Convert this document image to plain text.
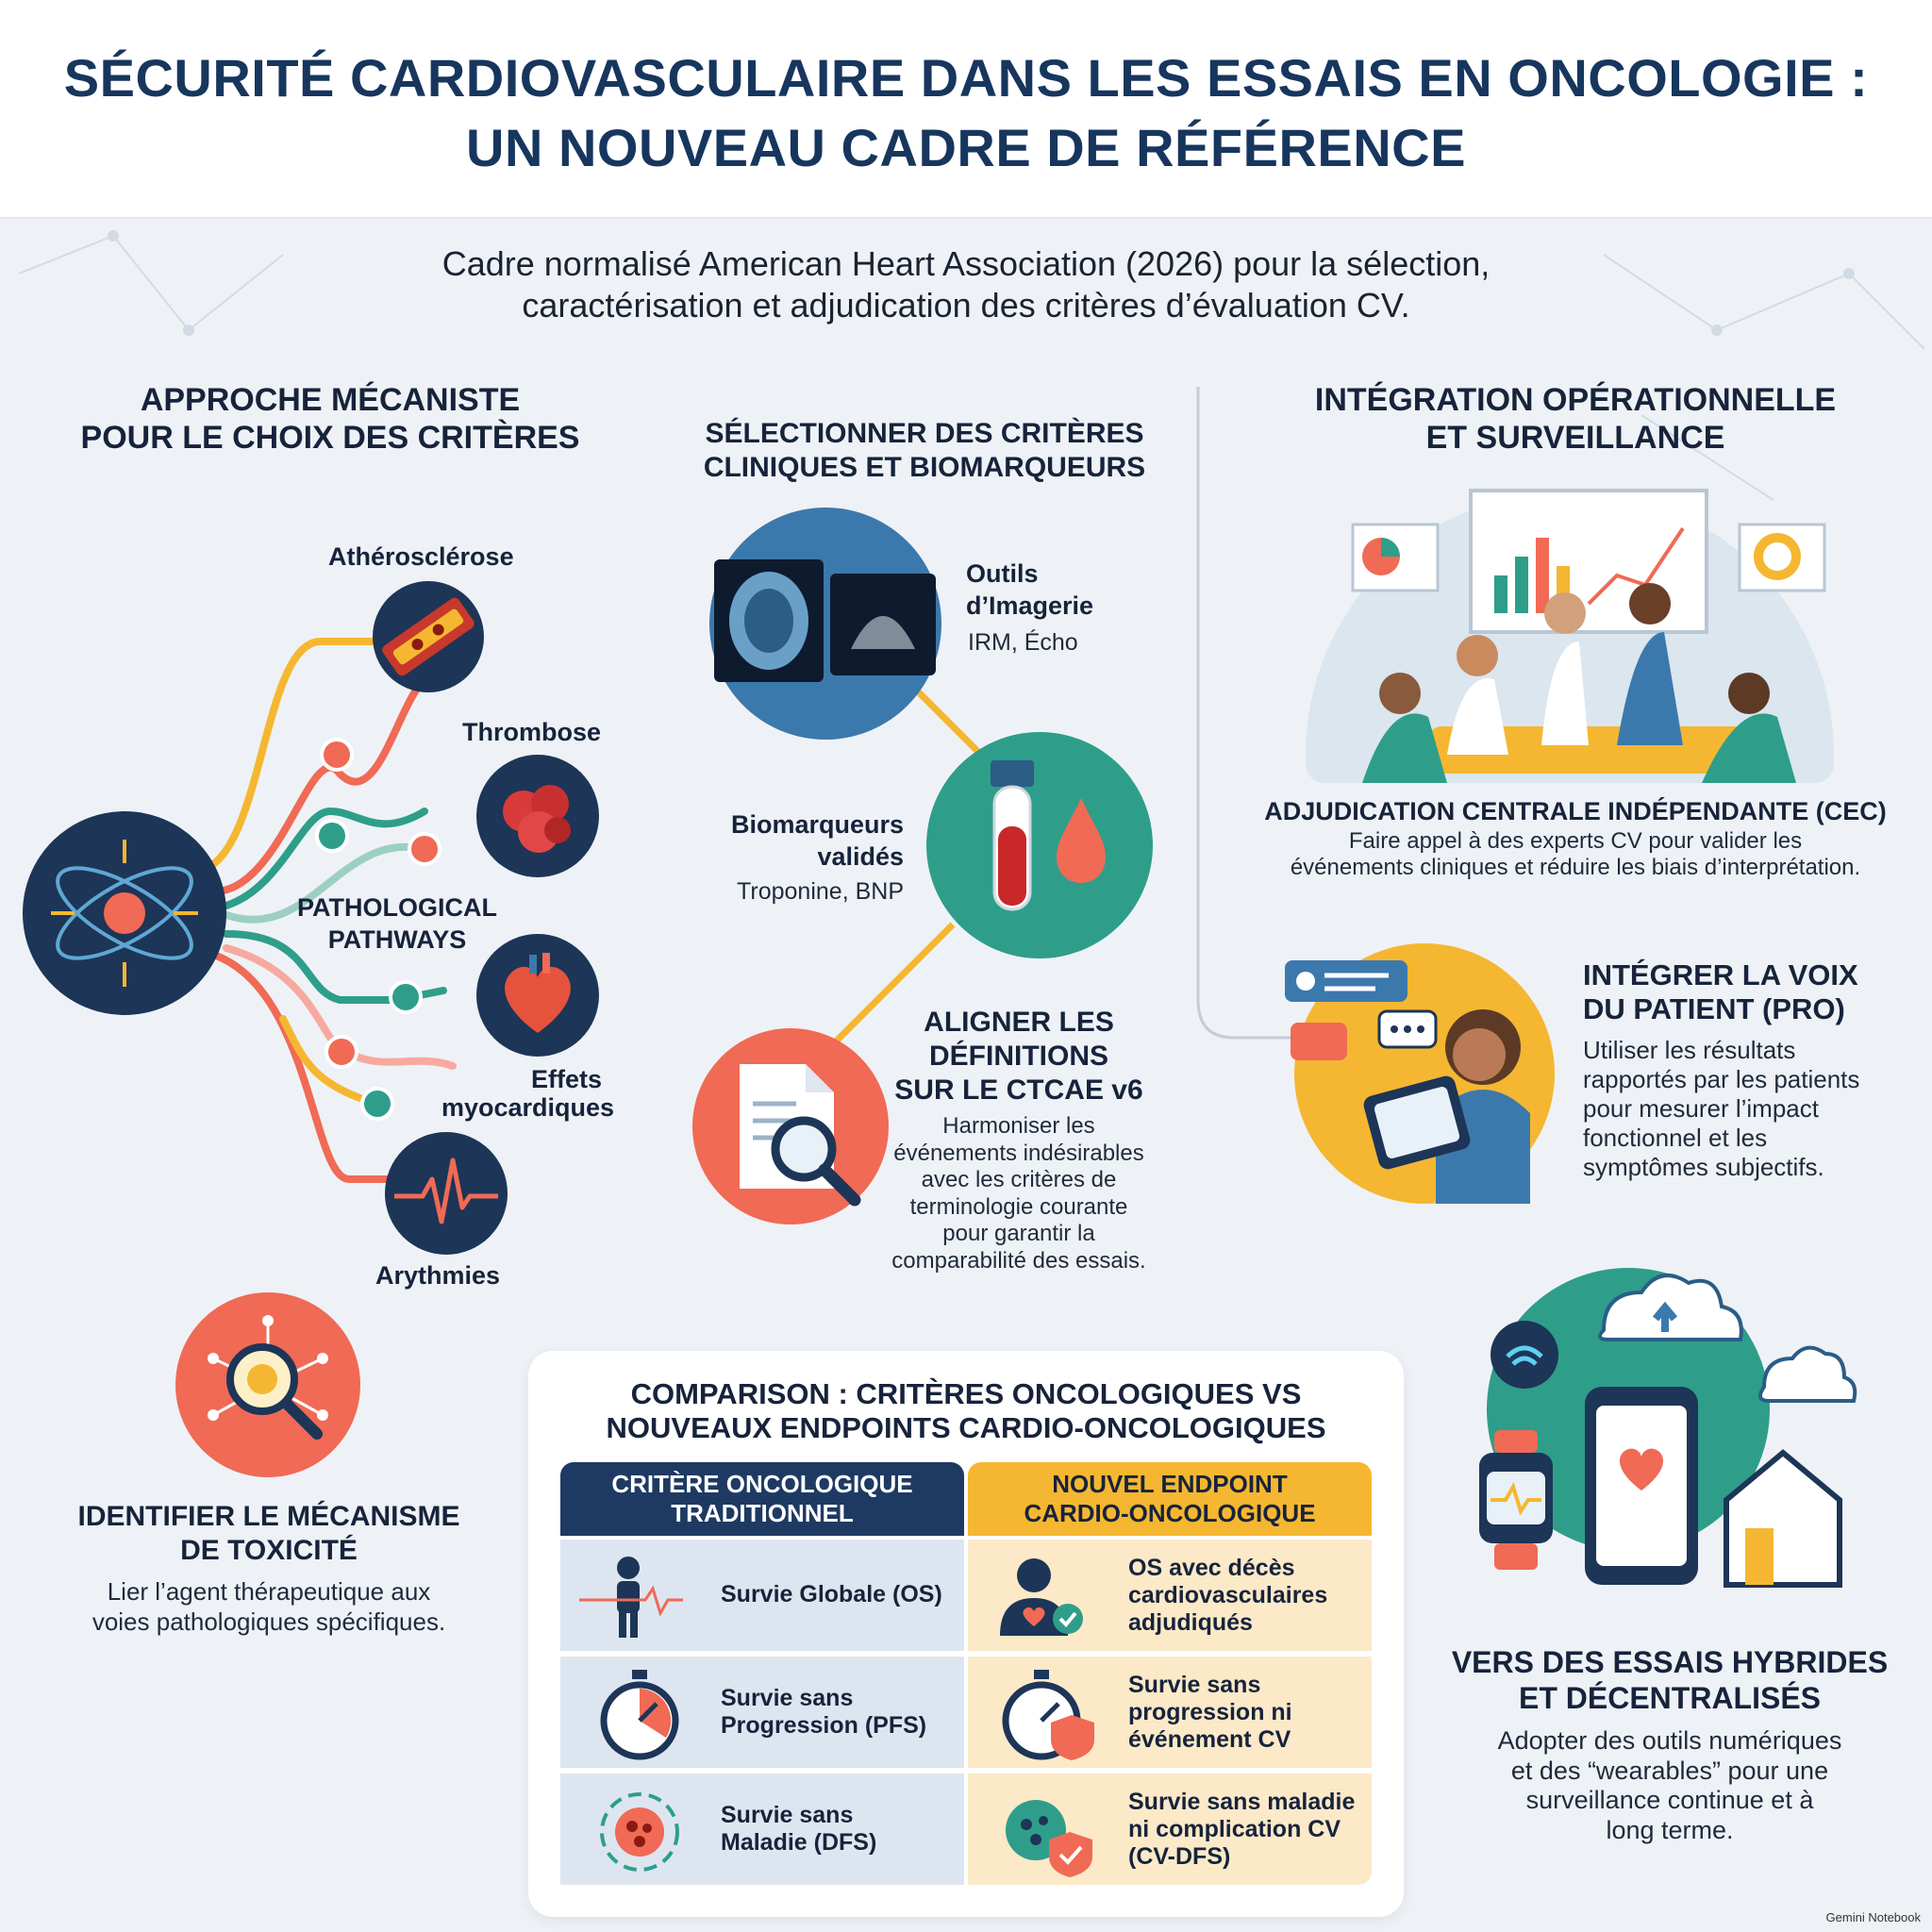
SÉCURITÉ CARDIOVASCULAIRE DANS LES ESSAIS EN ONCOLOGIE :
UN NOUVEAU CADRE DE RÉFÉRENCE
Cadre normalisé American Heart Association (2026) pour la sélection,
caractérisation et adjudication des critères d’évaluation CV.
APPROCHE MÉCANISTE
POUR LE CHOIX DES CRITÈRES
Athérosclérose
Thrombose
PATHOLOGICAL
PATHWAYS
Effets
myocardiques
Arythmies
IDENTIFIER LE MÉCANISME
DE TOXICITÉ
Lier l’agent thérapeutique aux
voies pathologiques spécifiques.
SÉLECTIONNER DES CRITÈRES
CLINIQUES ET BIOMARQUEURS
Outils
d’Imagerie
IRM, Écho
Biomarqueurs
validés
Troponine, BNP
ALIGNER LES
DÉFINITIONS
SUR LE CTCAE v6
Harmoniser les
événements indésirables
avec les critères de
terminologie courante
pour garantir la
comparabilité des essais.
INTÉGRATION OPÉRATIONNELLE
ET SURVEILLANCE
ADJUDICATION CENTRALE INDÉPENDANTE (CEC)
Faire appel à des experts CV pour valider les
événements cliniques et réduire les biais d’interprétation.
INTÉGRER LA VOIX
DU PATIENT (PRO)
Utiliser les résultats
rapportés par les patients
pour mesurer l’impact
fonctionnel et les
symptômes subjectifs.
VERS DES ESSAIS HYBRIDES
ET DÉCENTRALISÉS
Adopter des outils numériques
et des “wearables” pour une
surveillance continue et à
long terme.
COMPARISON : CRITÈRES ONCOLOGIQUES VS
NOUVEAUX ENDPOINTS CARDIO-ONCOLOGIQUES
CRITÈRE ONCOLOGIQUE
TRADITIONNEL
NOUVEL ENDPOINT
CARDIO-ONCOLOGIQUE
Survie Globale (OS)
OS avec décès
cardiovasculaires
adjudiqués
Survie sans
Progression (PFS)
Survie sans
progression ni
événement CV
Survie sans
Maladie (DFS)
Survie sans maladie
ni complication CV
(CV-DFS)
Gemini Notebook
